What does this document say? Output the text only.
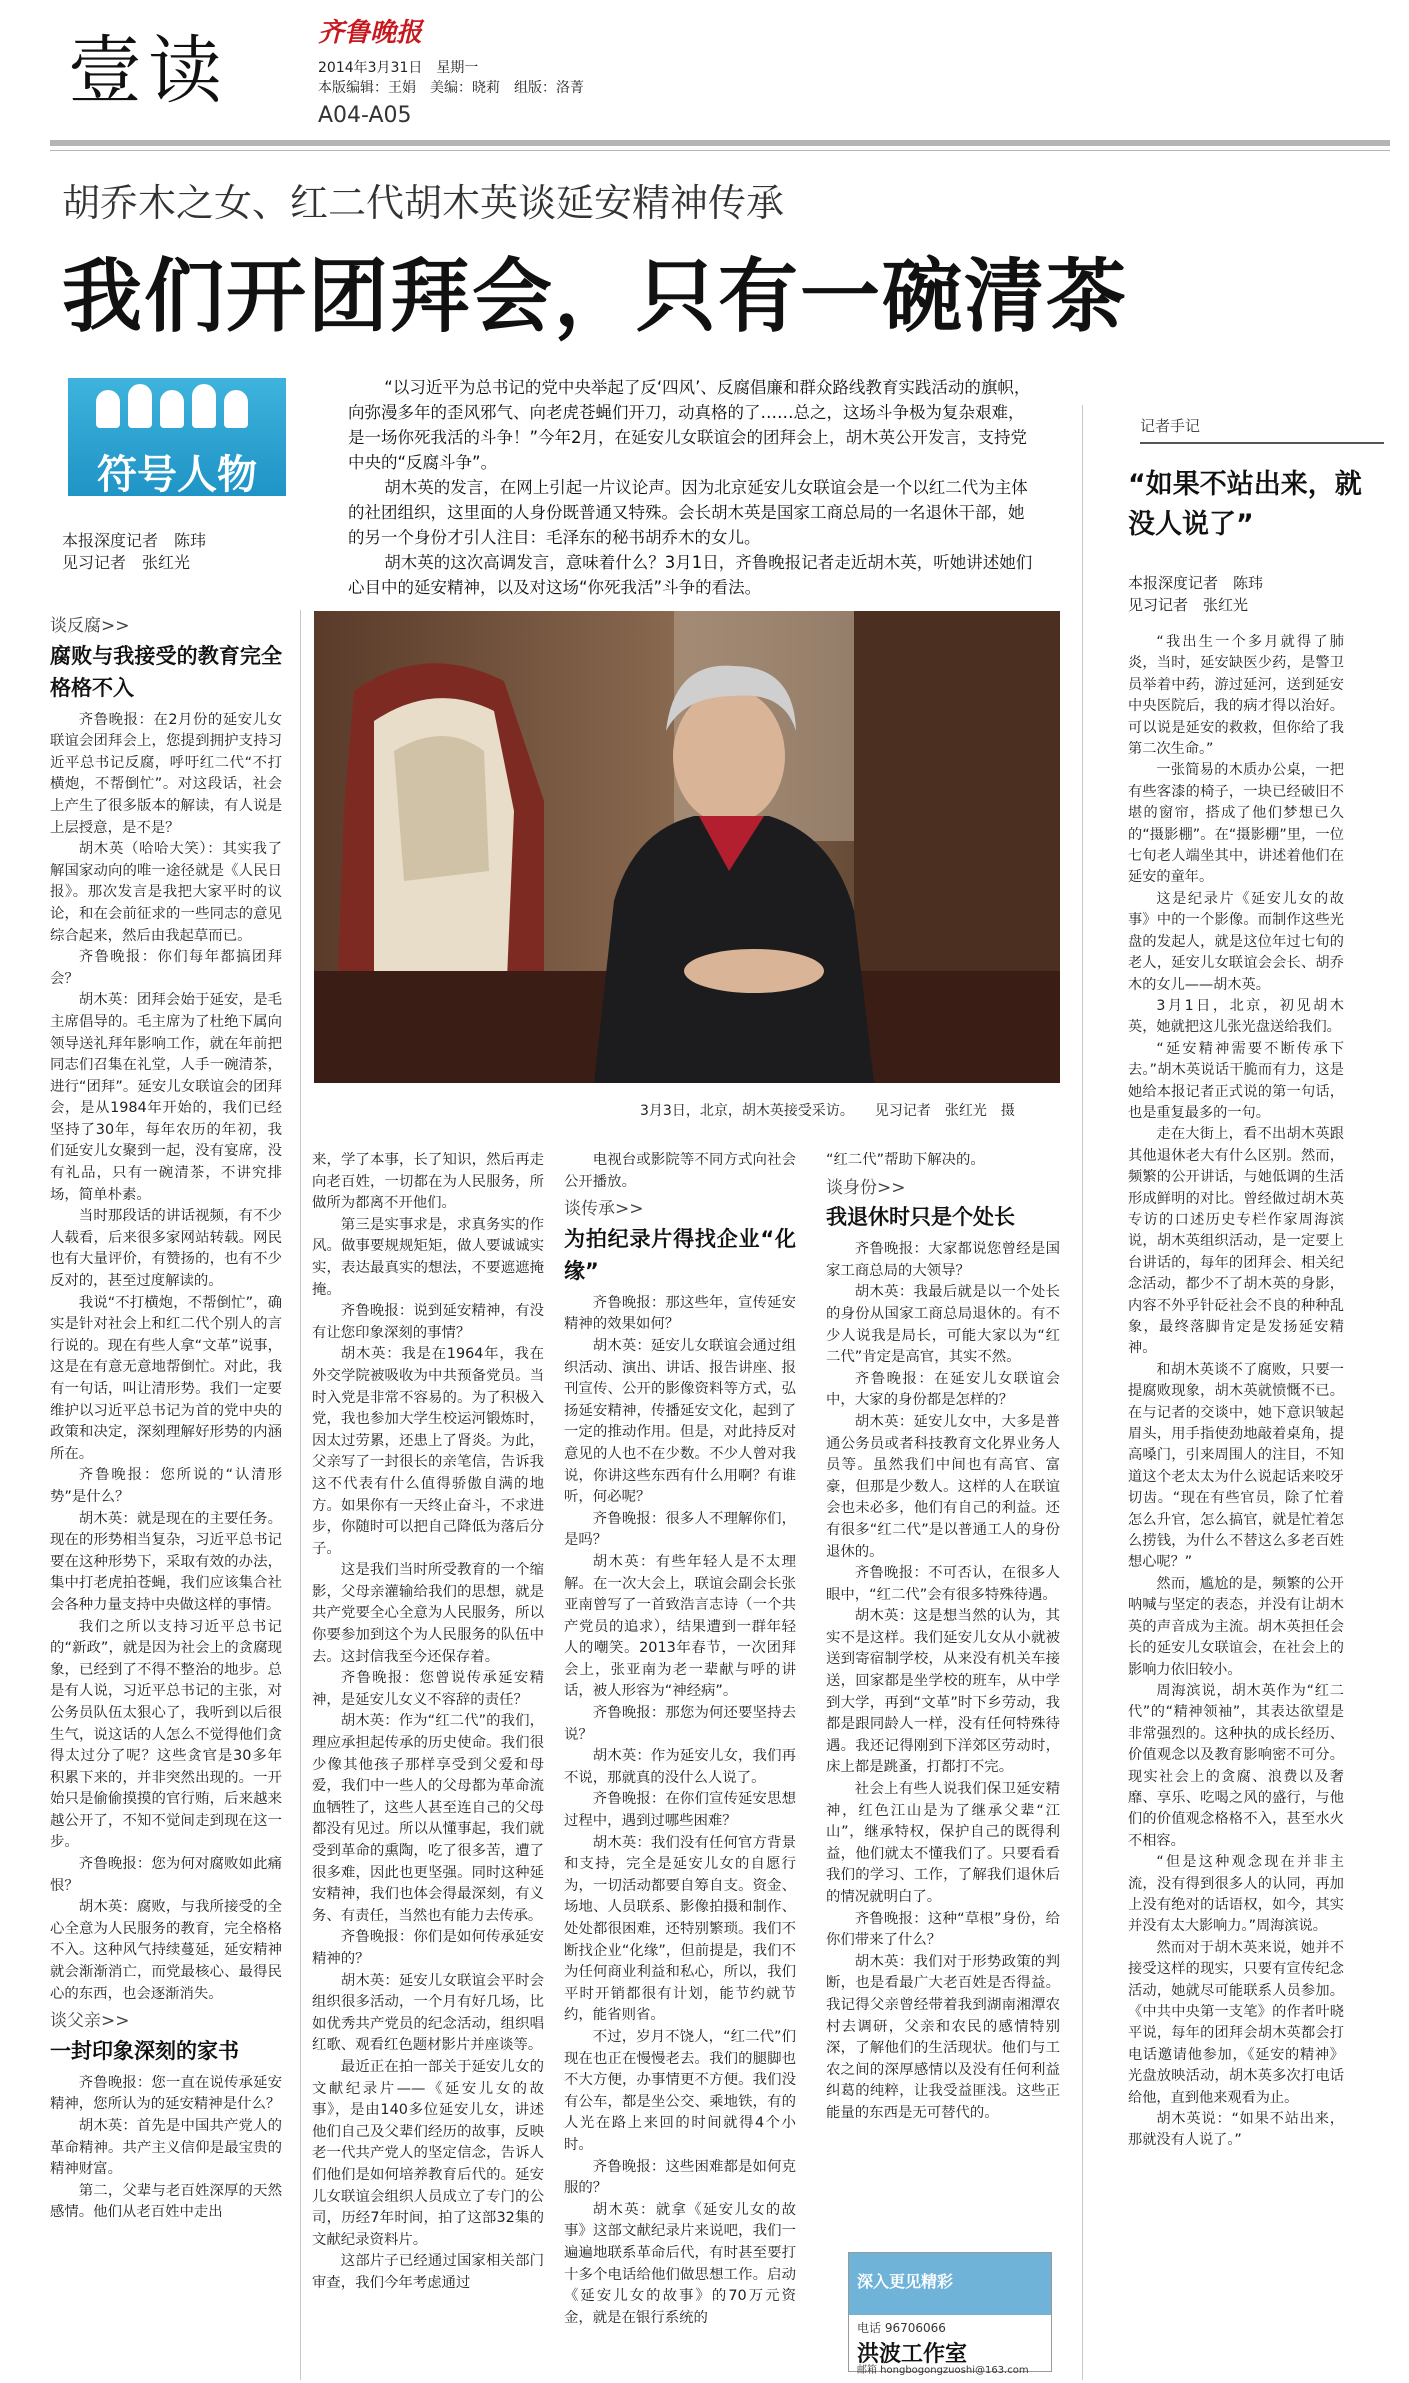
壹读	齐鲁晚报
2014年3月31日　星期一
本版编辑：王娟　美编：晓莉　组版：洛菁
A04-A05
胡乔木之女、红二代胡木英谈延安精神传承
我们开团拜会，只有一碗清茶
符号人物
本报深度记者　陈玮
见习记者　张红光

“以习近平为总书记的党中央举起了反‘四风’、反腐倡廉和群众路线教育实践活动的旗帜，向弥漫多年的歪风邪气、向老虎苍蝇们开刀，动真格的了……总之，这场斗争极为复杂艰难，是一场你死我活的斗争！”今年2月，在延安儿女联谊会的团拜会上，胡木英公开发言，支持党中央的“反腐斗争”。

胡木英的发言，在网上引起一片议论声。因为北京延安儿女联谊会是一个以红二代为主体的社团组织，这里面的人身份既普通又特殊。会长胡木英是国家工商总局的一名退休干部，她的另一个身份才引人注目：毛泽东的秘书胡乔木的女儿。

胡木英的这次高调发言，意味着什么？3月1日，齐鲁晚报记者走近胡木英，听她讲述她们心目中的延安精神，以及对这场“你死我活”斗争的看法。

3月3日，北京，胡木英接受采访。　　见习记者　张红光　摄
谈反腐>>
腐败与我接受的教育完全格格不入

齐鲁晚报：在2月份的延安儿女联谊会团拜会上，您提到拥护支持习近平总书记反腐，呼吁红二代“不打横炮，不帮倒忙”。对这段话，社会上产生了很多版本的解读，有人说是上层授意，是不是？

胡木英（哈哈大笑）：其实我了解国家动向的唯一途径就是《人民日报》。那次发言是我把大家平时的议论，和在会前征求的一些同志的意见综合起来，然后由我起草而已。

齐鲁晚报：你们每年都搞团拜会？

胡木英：团拜会始于延安，是毛主席倡导的。毛主席为了杜绝下属向领导送礼拜年影响工作，就在年前把同志们召集在礼堂，人手一碗清茶，进行“团拜”。延安儿女联谊会的团拜会，是从1984年开始的，我们已经坚持了30年，每年农历的年初，我们延安儿女聚到一起，没有宴席，没有礼品，只有一碗清茶，不讲究排场，简单朴素。

当时那段话的讲话视频，有不少人载看，后来很多家网站转载。网民也有大量评价，有赞扬的，也有不少反对的，甚至过度解读的。

我说“不打横炮，不帮倒忙”，确实是针对社会上和红二代个别人的言行说的。现在有些人拿“文革”说事，这是在有意无意地帮倒忙。对此，我有一句话，叫让清形势。我们一定要维护以习近平总书记为首的党中央的政策和决定，深刻理解好形势的内涵所在。

齐鲁晚报：您所说的“认清形势”是什么？

胡木英：就是现在的主要任务。现在的形势相当复杂，习近平总书记要在这种形势下，采取有效的办法，集中打老虎拍苍蝇，我们应该集合社会各种力量支持中央做这样的事情。

我们之所以支持习近平总书记的“新政”，就是因为社会上的贪腐现象，已经到了不得不整治的地步。总是有人说，习近平总书记的主张，对公务员队伍太狠心了，我听到以后很生气，说这话的人怎么不觉得他们贪得太过分了呢？这些贪官是30多年积累下来的，并非突然出现的。一开始只是偷偷摸摸的官行贿，后来越来越公开了，不知不觉间走到现在这一步。

齐鲁晚报：您为何对腐败如此痛恨？

胡木英：腐败，与我所接受的全心全意为人民服务的教育，完全格格不入。这种风气持续蔓延，延安精神就会渐渐消亡，而党最核心、最得民心的东西，也会逐渐消失。

谈父亲>>
一封印象深刻的家书

齐鲁晚报：您一直在说传承延安精神，您所认为的延安精神是什么？

胡木英：首先是中国共产党人的革命精神。共产主义信仰是最宝贵的精神财富。

第二，父辈与老百姓深厚的天然感情。他们从老百姓中走出

来，学了本事，长了知识，然后再走向老百姓，一切都在为人民服务，所做所为都离不开他们。

第三是实事求是，求真务实的作风。做事要规规矩矩，做人要诚诚实实，表达最真实的想法，不要遮遮掩掩。

齐鲁晚报：说到延安精神，有没有让您印象深刻的事情？

胡木英：我是在1964年，我在外交学院被吸收为中共预备党员。当时入党是非常不容易的。为了积极入党，我也参加大学生校运河锻炼时，因太过劳累，还患上了肾炎。为此，父亲写了一封很长的亲笔信，告诉我这不代表有什么值得骄傲自满的地方。如果你有一天终止奋斗，不求进步，你随时可以把自己降低为落后分子。

这是我们当时所受教育的一个缩影，父母亲灌输给我们的思想，就是共产党要全心全意为人民服务，所以你要参加到这个为人民服务的队伍中去。这封信我至今还保存着。

齐鲁晚报：您曾说传承延安精神，是延安儿女义不容辞的责任？

胡木英：作为“红二代”的我们，理应承担起传承的历史使命。我们很少像其他孩子那样享受到父爱和母爱，我们中一些人的父母都为革命流血牺牲了，这些人甚至连自己的父母都没有见过。所以从懂事起，我们就受到革命的熏陶，吃了很多苦，遭了很多难，因此也更坚强。同时这种延安精神，我们也体会得最深刻，有义务、有责任，当然也有能力去传承。

齐鲁晚报：你们是如何传承延安精神的？

胡木英：延安儿女联谊会平时会组织很多活动，一个月有好几场，比如优秀共产党员的纪念活动，组织唱红歌、观看红色题材影片并座谈等。

最近正在拍一部关于延安儿女的文献纪录片——《延安儿女的故事》，是由140多位延安儿女，讲述他们自己及父辈们经历的故事，反映老一代共产党人的坚定信念，告诉人们他们是如何培养教育后代的。延安儿女联谊会组织人员成立了专门的公司，历经7年时间，拍了这部32集的文献纪录资料片。

这部片子已经通过国家相关部门审查，我们今年考虑通过

电视台或影院等不同方式向社会公开播放。

谈传承>>
为拍纪录片得找企业“化缘”

齐鲁晚报：那这些年，宣传延安精神的效果如何？

胡木英：延安儿女联谊会通过组织活动、演出、讲话、报告讲座、报刊宣传、公开的影像资料等方式，弘扬延安精神，传播延安文化，起到了一定的推动作用。但是，对此持反对意见的人也不在少数。不少人曾对我说，你讲这些东西有什么用啊？有谁听，何必呢？

齐鲁晚报：很多人不理解你们，是吗？

胡木英：有些年轻人是不太理解。在一次大会上，联谊会副会长张亚南曾写了一首致浩言志诗（一个共产党员的追求），结果遭到一群年轻人的嘲笑。2013年春节，一次团拜会上，张亚南为老一辈献与呼的讲话，被人形容为“神经病”。

齐鲁晚报：那您为何还要坚持去说？

胡木英：作为延安儿女，我们再不说，那就真的没什么人说了。

齐鲁晚报：在你们宣传延安思想过程中，遇到过哪些困难？

胡木英：我们没有任何官方背景和支持，完全是延安儿女的自愿行为，一切活动都要自筹自支。资金、场地、人员联系、影像拍摄和制作、处处都很困难，还特别繁琐。我们不断找企业“化缘”，但前提是，我们不为任何商业利益和私心，所以，我们平时开销都很有计划，能节约就节约，能省则省。

不过，岁月不饶人，“红二代”们现在也正在慢慢老去。我们的腿脚也不大方便，办事情更不方便。我们没有公车，都是坐公交、乘地铁，有的人光在路上来回的时间就得4个小时。

齐鲁晚报：这些困难都是如何克服的？

胡木英：就拿《延安儿女的故事》这部文献纪录片来说吧，我们一遍遍地联系革命后代，有时甚至要打十多个电话给他们做思想工作。启动《延安儿女的故事》的70万元资金，就是在银行系统的

“红二代”帮助下解决的。

谈身份>>
我退休时只是个处长

齐鲁晚报：大家都说您曾经是国家工商总局的大领导？

胡木英：我最后就是以一个处长的身份从国家工商总局退休的。有不少人说我是局长，可能大家以为“红二代”肯定是高官，其实不然。

齐鲁晚报：在延安儿女联谊会中，大家的身份都是怎样的？

胡木英：延安儿女中，大多是普通公务员或者科技教育文化界业务人员等。虽然我们中间也有高官、富豪，但那是少数人。这样的人在联谊会也未必多，他们有自己的利益。还有很多“红二代”是以普通工人的身份退休的。

齐鲁晚报：不可否认，在很多人眼中，“红二代”会有很多特殊待遇。

胡木英：这是想当然的认为，其实不是这样。我们延安儿女从小就被送到寄宿制学校，从来没有机关车接送，回家都是坐学校的班车，从中学到大学，再到“文革”时下乡劳动，我都是跟同龄人一样，没有任何特殊待遇。我还记得刚到下洋郊区劳动时，床上都是跳蚤，打都打不完。

社会上有些人说我们保卫延安精神，红色江山是为了继承父辈“江山”，继承特权，保护自己的既得利益，他们就太不懂我们了。只要看看我们的学习、工作，了解我们退休后的情况就明白了。

齐鲁晚报：这种“草根”身份，给你们带来了什么？

胡木英：我们对于形势政策的判断，也是看最广大老百姓是否得益。我记得父亲曾经带着我到湖南湘潭农村去调研，父亲和农民的感情特别深，了解他们的生活现状。他们与工农之间的深厚感情以及没有任何利益纠葛的纯粹，让我受益匪浅。这些正能量的东西是无可替代的。

深入更见精彩
电话 96706066
洪波工作室
邮箱 hongbogongzuoshi@163.com
记者手记
“如果不站出来，就没人说了”
本报深度记者　陈玮
见习记者　张红光

“我出生一个多月就得了肺炎，当时，延安缺医少药，是警卫员举着中药，游过延河，送到延安中央医院后，我的病才得以治好。可以说是延安的救救，但你给了我第二次生命。”

一张简易的木质办公桌，一把有些客漆的椅子，一块已经破旧不堪的窗帘，搭成了他们梦想已久的“摄影棚”。在“摄影棚”里，一位七旬老人端坐其中，讲述着他们在延安的童年。

这是纪录片《延安儿女的故事》中的一个影像。而制作这些光盘的发起人，就是这位年过七旬的老人，延安儿女联谊会会长、胡乔木的女儿——胡木英。

3月1日，北京，初见胡木英，她就把这儿张光盘送给我们。

“延安精神需要不断传承下去。”胡木英说话干脆而有力，这是她给本报记者正式说的第一句话，也是重复最多的一句。

走在大街上，看不出胡木英跟其他退休老大有什么区别。然而，频繁的公开讲话，与她低调的生活形成鲜明的对比。曾经做过胡木英专访的口述历史专栏作家周海滨说，胡木英组织活动，是一定要上台讲话的，每年的团拜会、相关纪念活动，都少不了胡木英的身影，内容不外乎针砭社会不良的种种乱象，最终落脚肯定是发扬延安精神。

和胡木英谈不了腐败，只要一提腐败现象，胡木英就愤慨不已。在与记者的交谈中，她下意识皱起眉头，用手指使劲地敲着桌角，提高嗓门，引来周围人的注目，不知道这个老太太为什么说起话来咬牙切齿。“现在有些官员，除了忙着怎么升官，怎么搞官，就是忙着怎么捞钱，为什么不替这么多老百姓想心呢？”

然而，尴尬的是，频繁的公开呐喊与坚定的表态，并没有让胡木英的声音成为主流。胡木英担任会长的延安儿女联谊会，在社会上的影响力依旧较小。

周海滨说，胡木英作为“红二代”的“精神领袖”，其表达欲望是非常强烈的。这种执的成长经历、价值观念以及教育影响密不可分。现实社会上的贪腐、浪费以及奢靡、享乐、吃喝之风的盛行，与他们的价值观念格格不入，甚至水火不相容。

“但是这种观念现在并非主流，没有得到很多人的认同，再加上没有绝对的话语权，如今，其实并没有太大影响力。”周海滨说。

然而对于胡木英来说，她并不接受这样的现实，只要有宣传纪念活动，她就尽可能联系人员参加。《中共中央第一支笔》的作者叶晓平说，每年的团拜会胡木英都会打电话邀请他参加，《延安的精神》光盘放映活动，胡木英多次打电话给他，直到他来观看为止。

胡木英说：“如果不站出来，那就没有人说了。”
